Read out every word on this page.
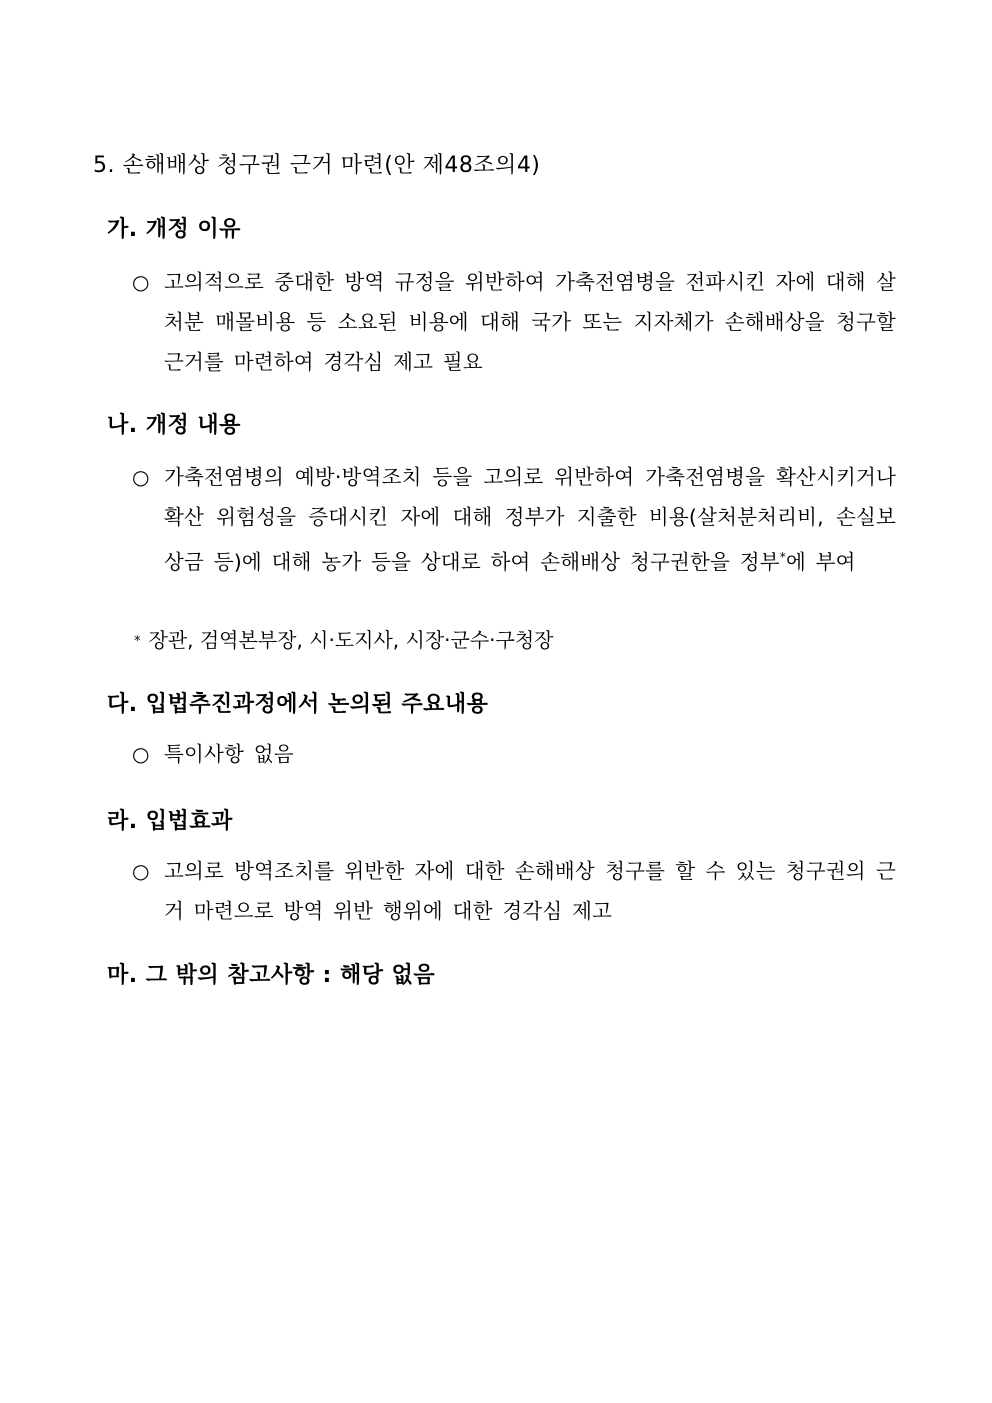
5. 손해배상 청구권 근거 마련(안 제48조의4)
가. 개정 이유
○ 고의적으로 중대한 방역 규정을 위반하여 가축전염병을 전파시킨 자에 대해 살처분 매몰비용 등 소요된 비용에 대해 국가 또는 지자체가 손해배상을 청구할 근거를 마련하여 경각심 제고 필요
나. 개정 내용
○ 가축전염병의 예방·방역조치 등을 고의로 위반하여 가축전염병을 확산시키거나 확산 위험성을 증대시킨 자에 대해 정부가 지출한 비용(살처분처리비, 손실보상금 등)에 대해 농가 등을 상대로 하여 손해배상 청구권한을 정부*에 부여
* 장관, 검역본부장, 시·도지사, 시장·군수·구청장
다. 입법추진과정에서 논의된 주요내용
○ 특이사항 없음
라. 입법효과
○ 고의로 방역조치를 위반한 자에 대한 손해배상 청구를 할 수 있는 청구권의 근거 마련으로 방역 위반 행위에 대한 경각심 제고
마. 그 밖의 참고사항 : 해당 없음
